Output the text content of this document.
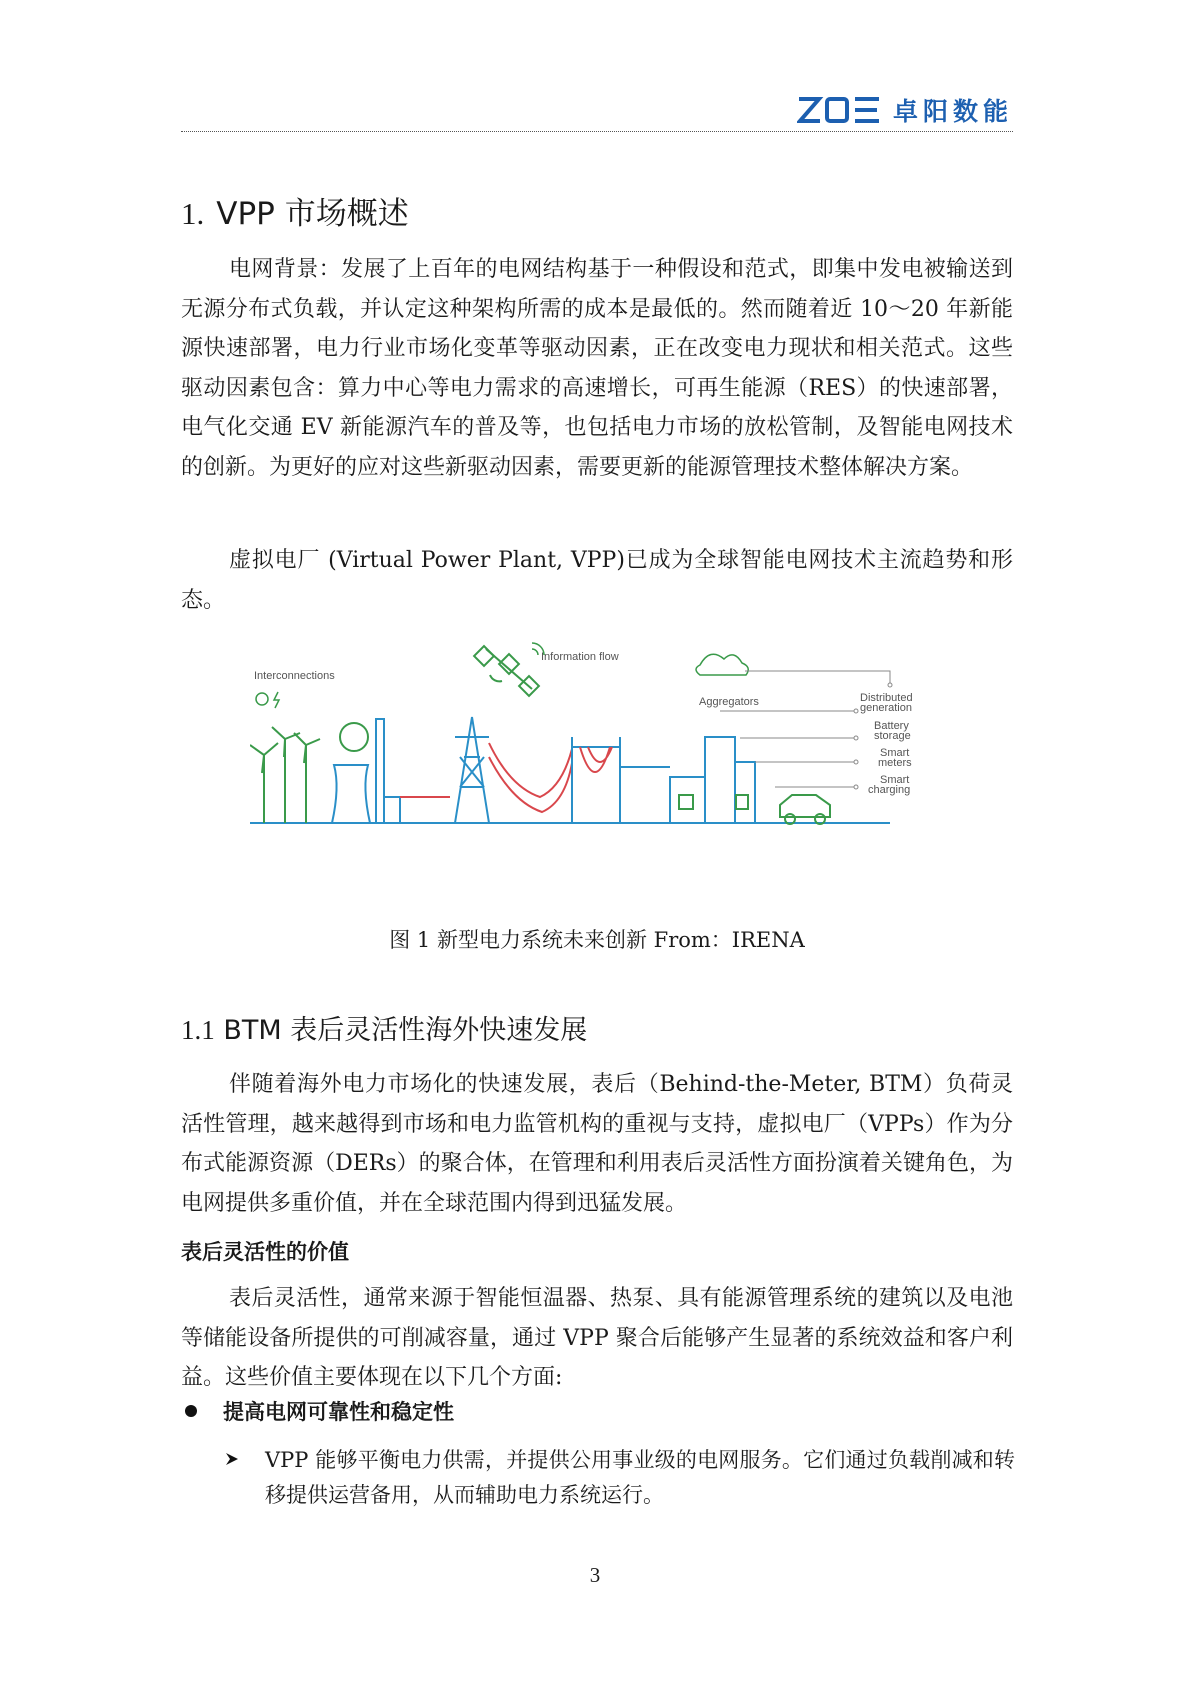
卓阳数能
1. VPP 市场概述

电网背景：发展了上百年的电网结构基于一种假设和范式，即集中发电被输送到无源分布式负载，并认定这种架构所需的成本是最低的。然而随着近 10～20 年新能源快速部署，电力行业市场化变革等驱动因素，正在改变电力现状和相关范式。这些驱动因素包含：算力中心等电力需求的高速增长，可再生能源（RES）的快速部署，电气化交通 EV 新能源汽车的普及等，也包括电力市场的放松管制，及智能电网技术的创新。为更好的应对这些新驱动因素，需要更新的能源管理技术整体解决方案。

虚拟电厂 (Virtual Power Plant, VPP)已成为全球智能电网技术主流趋势和形态。

Information flow
Interconnections
Aggregators	Distributed
generation
Battery
storage
Smart
meters
Smart
charging
图 1 新型电力系统未来创新 From：IRENA
1.1 BTM 表后灵活性海外快速发展

伴随着海外电力市场化的快速发展，表后（Behind-the-Meter, BTM）负荷灵活性管理，越来越得到市场和电力监管机构的重视与支持，虚拟电厂（VPPs）作为分布式能源资源（DERs）的聚合体，在管理和利用表后灵活性方面扮演着关键角色，为电网提供多重价值，并在全球范围内得到迅猛发展。

表后灵活性的价值

表后灵活性，通常来源于智能恒温器、热泵、具有能源管理系统的建筑以及电池等储能设备所提供的可削减容量，通过 VPP 聚合后能够产生显著的系统效益和客户利益。这些价值主要体现在以下几个方面:

提高电网可靠性和稳定性

VPP 能够平衡电力供需，并提供公用事业级的电网服务。它们通过负载削减和转移提供运营备用，从而辅助电力系统运行。

3
